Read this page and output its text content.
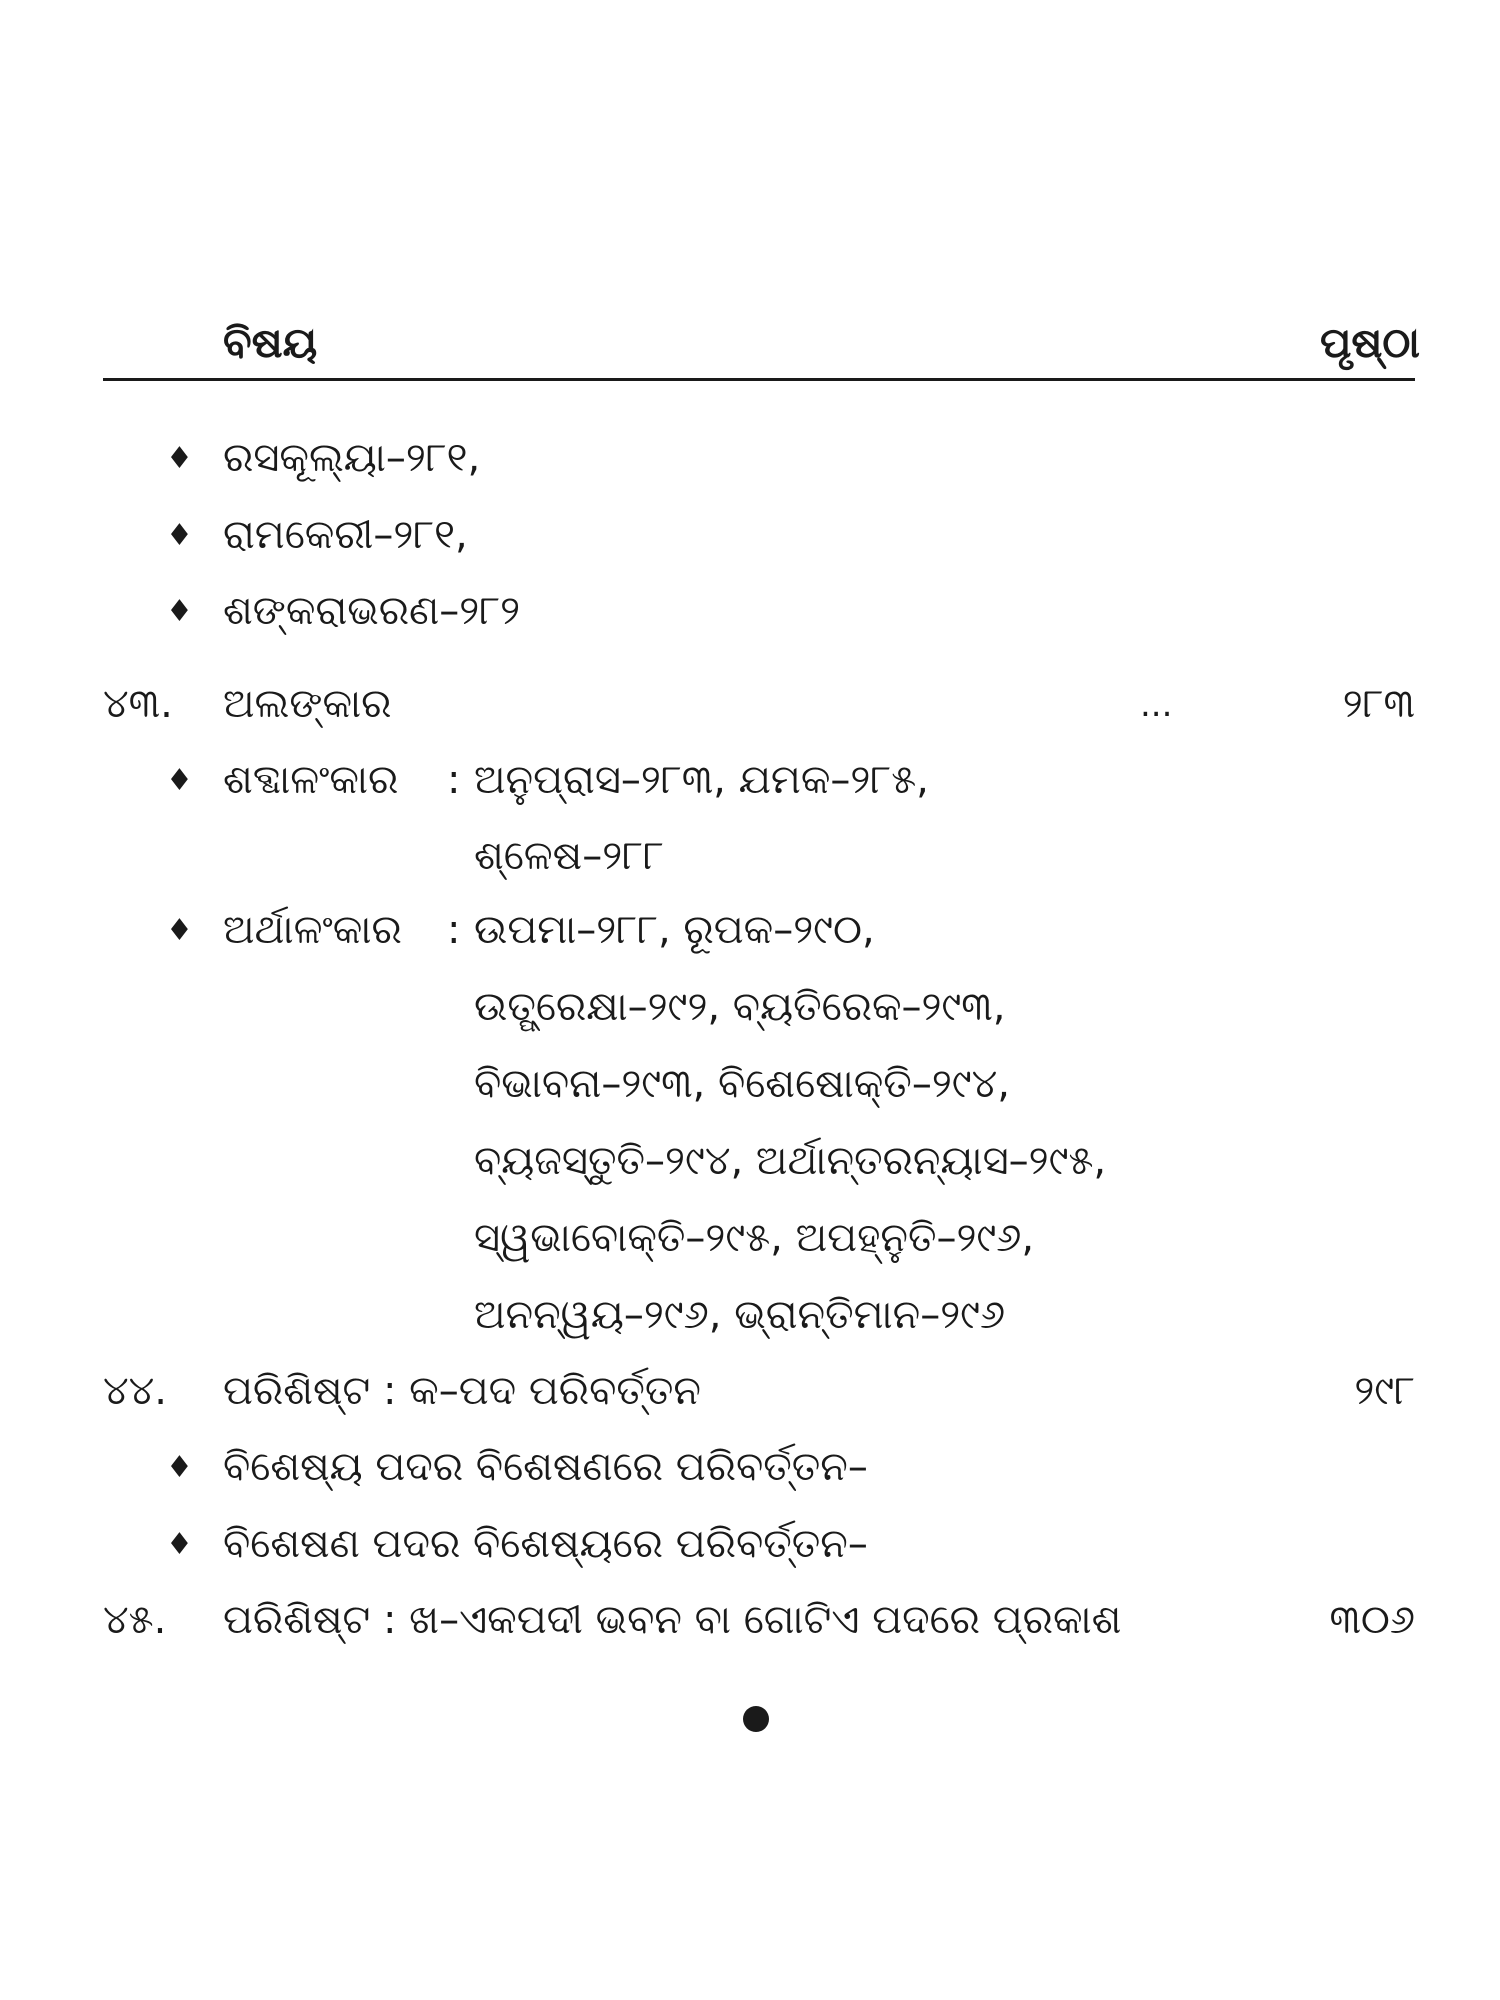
ବିଷୟ	ପୃଷ୍ଠା
♦ ରସକୂଲ୍ୟା–୨୮୧,
♦ ରାମକେରୀ–୨୮୧,
♦ ଶଙ୍କରାଭରଣ–୨୮୨
୪୩. ଅଲଙ୍କାର	...	୨୮୩
♦ ଶବ୍ଦାଳଂକାର : ଅନୁପ୍ରାସ–୨୮୩, ଯମକ–୨୮୫,
ଶ୍ଳେଷ–୨୮୮
♦ ଅର୍ଥାଳଂକାର : ଉପମା–୨୮୮, ରୂପକ–୨୯୦,
ଉତ୍ପ୍ରେକ୍ଷା–୨୯୨, ବ୍ୟତିରେକ–୨୯୩,
ବିଭାବନା–୨୯୩, ବିଶେଷୋକ୍ତି–୨୯୪,
ବ୍ୟଜସ୍ତୁତି–୨୯୪, ଅର୍ଥାନ୍ତରନ୍ୟାସ–୨୯୫,
ସ୍ୱଭାବୋକ୍ତି–୨୯୫, ଅପହ୍ନୁତି–୨୯୬,
ଅନନ୍ୱୟ–୨୯୬, ଭ୍ରାନ୍ତିମାନ–୨୯୬
୪୪. ପରିଶିଷ୍ଟ : କ–ପଦ ପରିବର୍ତ୍ତନ	୨୯୮
♦ ବିଶେଷ୍ୟ ପଦର ବିଶେଷଣରେ ପରିବର୍ତ୍ତନ–
♦ ବିଶେଷଣ ପଦର ବିଶେଷ୍ୟରେ ପରିବର୍ତ୍ତନ–
୪୫. ପରିଶିଷ୍ଟ : ଖ–ଏକପଦୀ ଭବନ ବା ଗୋଟିଏ ପଦରେ ପ୍ରକାଶ	୩୦୬
